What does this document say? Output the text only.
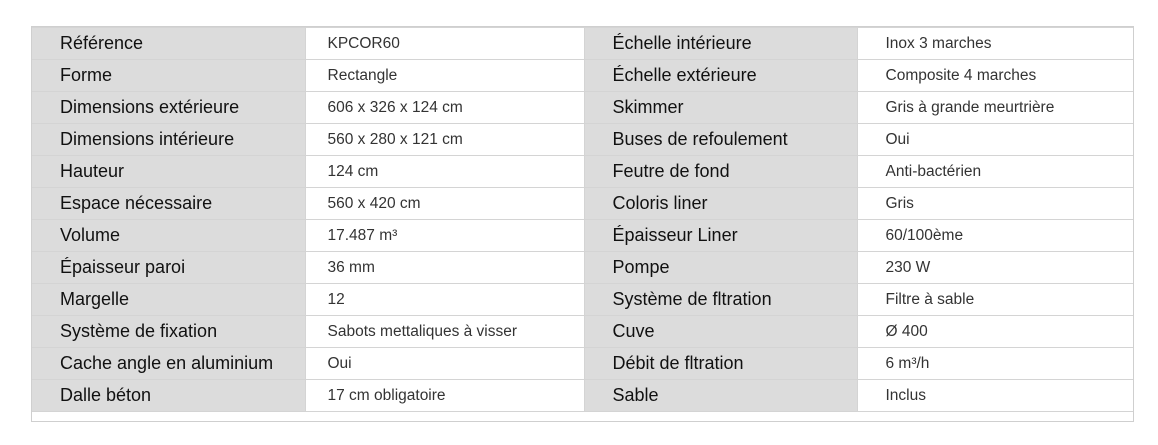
Référence	KPCOR60	Échelle intérieure	Inox 3 marches
Forme	Rectangle	Échelle extérieure	Composite 4 marches
Dimensions extérieure	606 x 326 x 124 cm	Skimmer	Gris à grande meurtrière
Dimensions intérieure	560 x 280 x 121 cm	Buses de refoulement	Oui
Hauteur	124 cm	Feutre de fond	Anti-bactérien
Espace nécessaire	560 x 420 cm	Coloris liner	Gris
Volume	17.487 m³	Épaisseur Liner	60/100ème
Épaisseur paroi	36 mm	Pompe	230 W
Margelle	12	Système de fltration	Filtre à sable
Système de fixation	Sabots mettaliques à visser	Cuve	Ø 400
Cache angle en aluminium	Oui	Débit de fltration	6 m³/h
Dalle béton	17 cm obligatoire	Sable	Inclus
